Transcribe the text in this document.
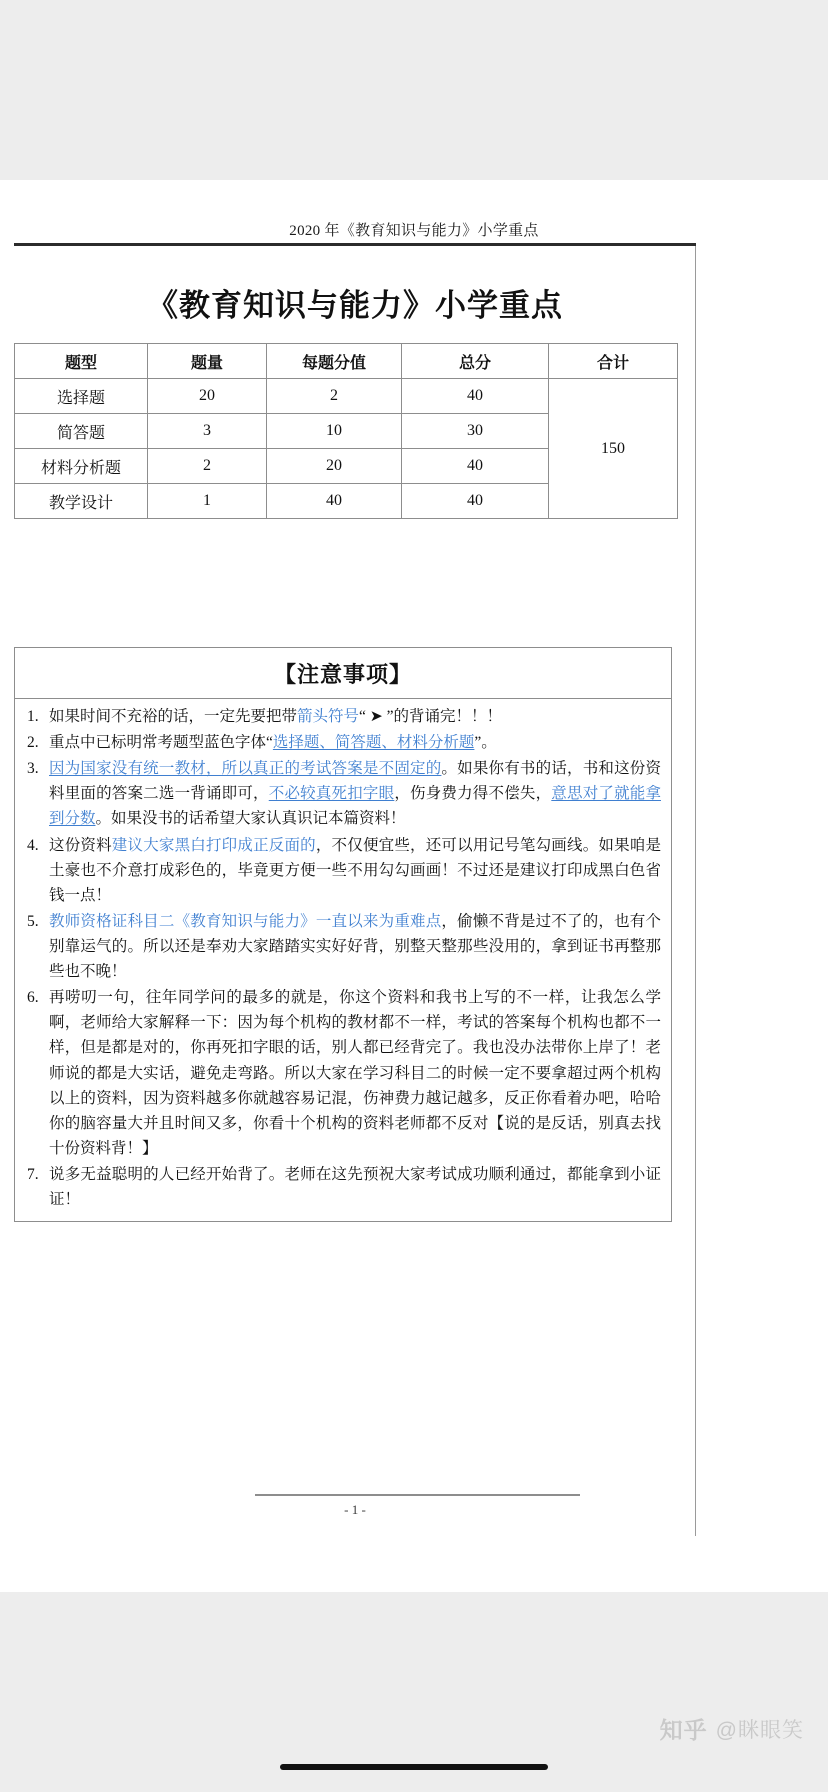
2020 年《教育知识与能力》小学重点
《教育知识与能力》小学重点
题型	题量	每题分值	总分	合计
选择题	20	2	40	150
简答题	3	10	30	
材料分析题	2	20	40	
教学设计	1	40	40	
【注意事项】
如果时间不充裕的话，一定先要把带箭头符号“ ➤ ”的背诵完！！！
重点中已标明常考题型蓝色字体“选择题、简答题、材料分析题”。
因为国家没有统一教材，所以真正的考试答案是不固定的。如果你有书的话，书和这份资料里面的答案二选一背诵即可，不必较真死扣字眼，伤身费力得不偿失，意思对了就能拿到分数。如果没书的话希望大家认真识记本篇资料！
这份资料建议大家黑白打印成正反面的，不仅便宜些，还可以用记号笔勾画线。如果咱是土豪也不介意打成彩色的，毕竟更方便一些不用勾勾画画！不过还是建议打印成黑白色省钱一点！
教师资格证科目二《教育知识与能力》一直以来为重难点，偷懒不背是过不了的，也有个别靠运气的。所以还是奉劝大家踏踏实实好好背，别整天整那些没用的，拿到证书再整那些也不晚！
再唠叨一句，往年同学问的最多的就是，你这个资料和我书上写的不一样，让我怎么学啊，老师给大家解释一下：因为每个机构的教材都不一样，考试的答案每个机构也都不一样，但是都是对的，你再死扣字眼的话，别人都已经背完了。我也没办法带你上岸了！老师说的都是大实话，避免走弯路。所以大家在学习科目二的时候一定不要拿超过两个机构以上的资料，因为资料越多你就越容易记混，伤神费力越记越多，反正你看着办吧，哈哈你的脑容量大并且时间又多，你看十个机构的资料老师都不反对【说的是反话，别真去找十份资料背！】
说多无益聪明的人已经开始背了。老师在这先预祝大家考试成功顺利通过，都能拿到小证证！
- 1 -
知乎 @眯眼笑
